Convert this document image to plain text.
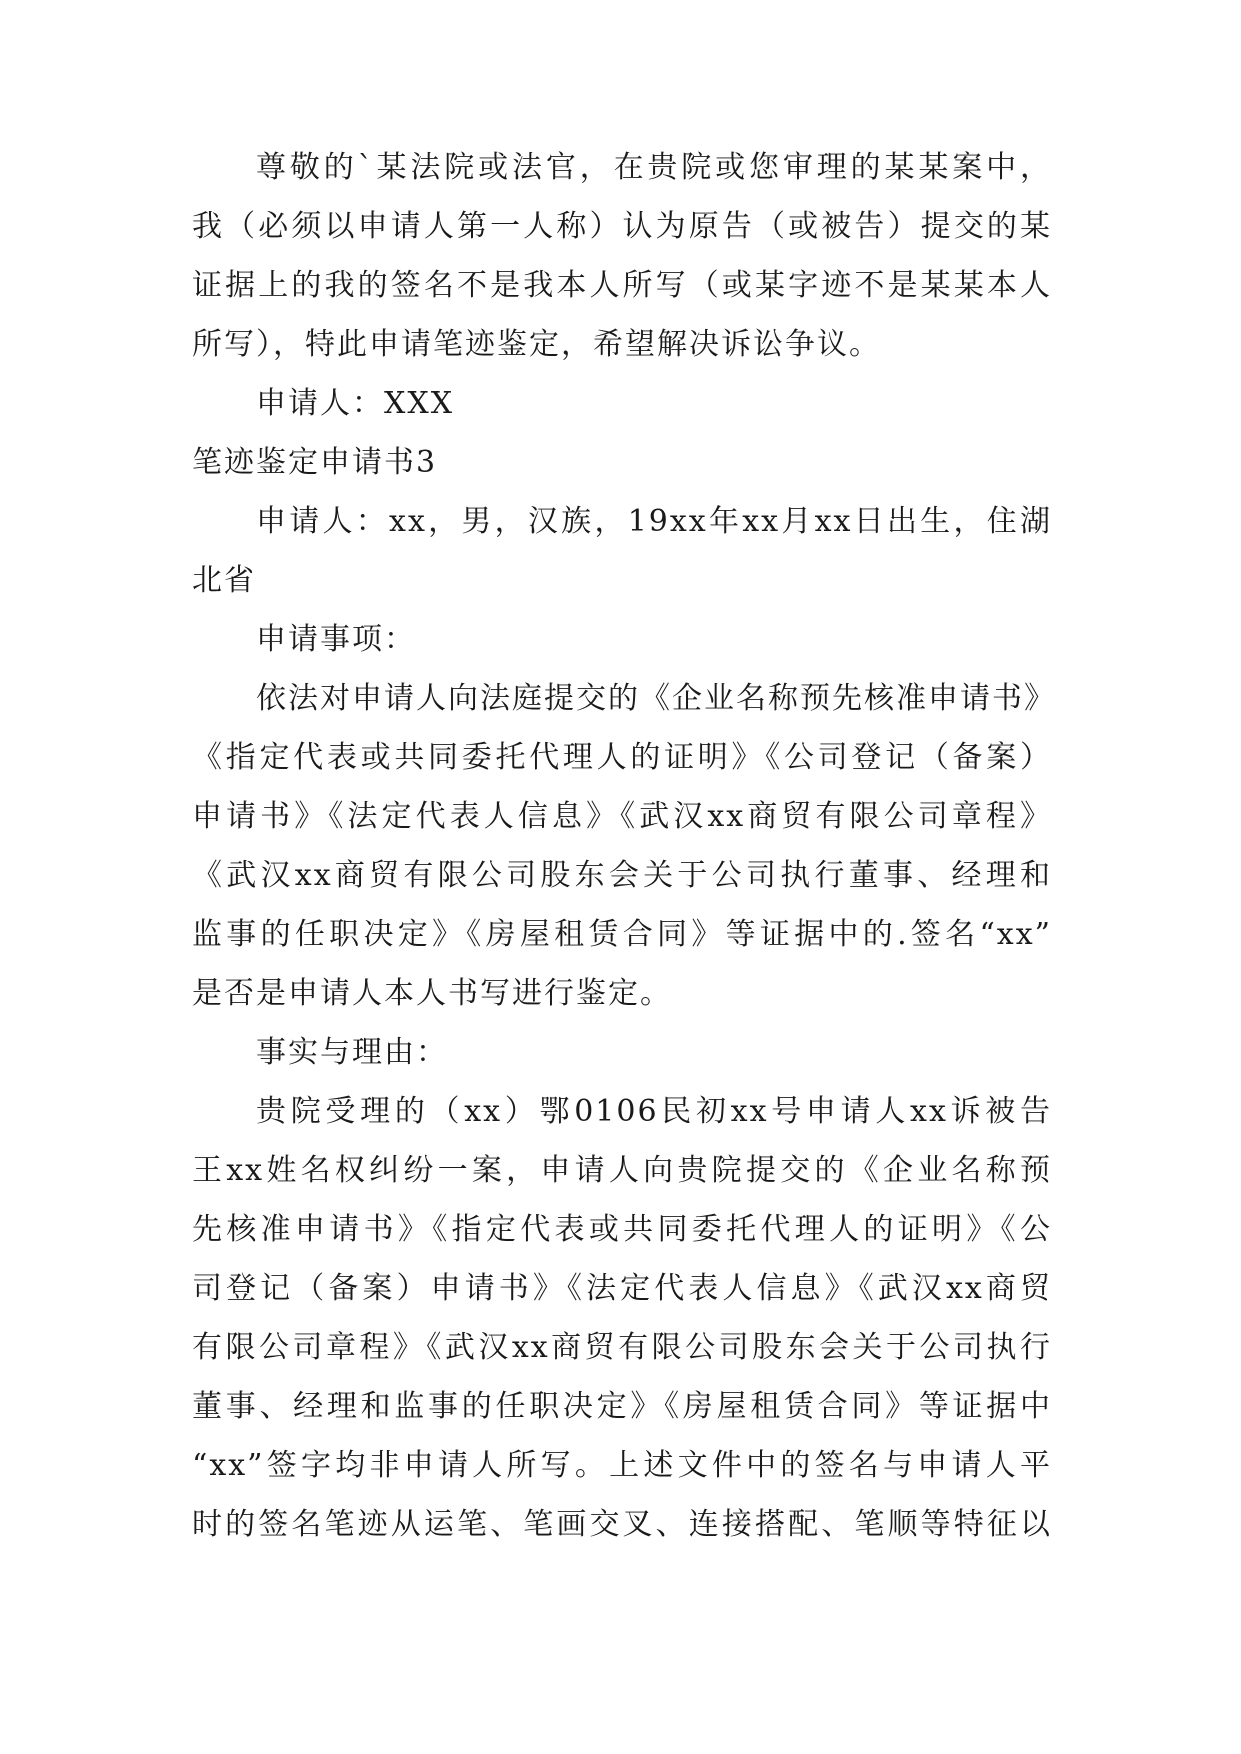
尊敬的`某法院或法官，在贵院或您审理的某某案中，
我（必须以申请人第一人称）认为原告（或被告）提交的某
证据上的我的签名不是我本人所写（或某字迹不是某某本人
所写），特此申请笔迹鉴定，希望解决诉讼争议。
申请人：XXX
笔迹鉴定申请书3
申请人：xx，男，汉族，19xx年xx月xx日出生，住湖
北省
申请事项：
依法对申请人向法庭提交的《企业名称预先核准申请书》
《指定代表或共同委托代理人的证明》《公司登记（备案）
申请书》《法定代表人信息》《武汉xx商贸有限公司章程》
《武汉xx商贸有限公司股东会关于公司执行董事、经理和
监事的任职决定》《房屋租赁合同》等证据中的.签名“xx”
是否是申请人本人书写进行鉴定。
事实与理由：
贵院受理的（xx）鄂0106民初xx号申请人xx诉被告
王xx姓名权纠纷一案，申请人向贵院提交的《企业名称预
先核准申请书》《指定代表或共同委托代理人的证明》《公
司登记（备案）申请书》《法定代表人信息》《武汉xx商贸
有限公司章程》《武汉xx商贸有限公司股东会关于公司执行
董事、经理和监事的任职决定》《房屋租赁合同》等证据中
“xx”签字均非申请人所写。上述文件中的签名与申请人平
时的签名笔迹从运笔、笔画交叉、连接搭配、笔顺等特征以
